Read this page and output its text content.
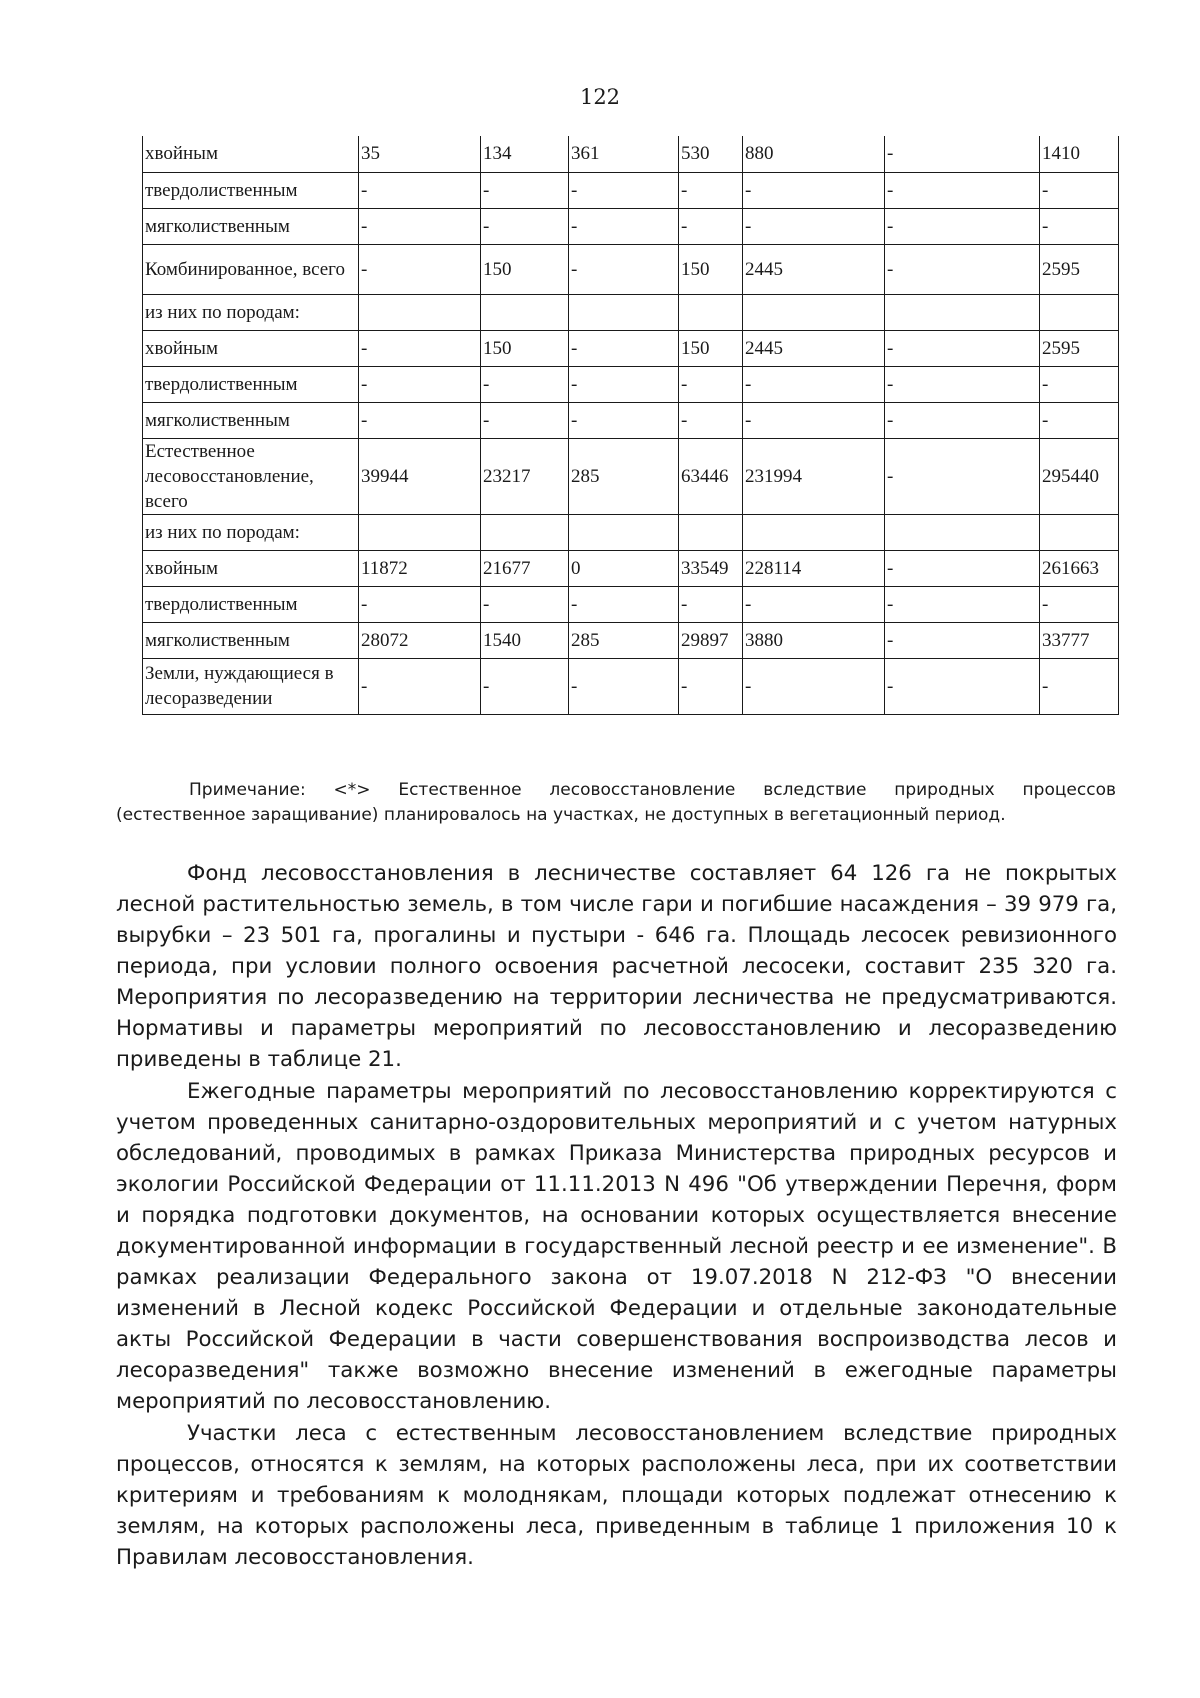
122
хвойным	35	134	361	530	880	-	1410
твердолиственным	-	-	-	-	-	-	-
мягколиственным	-	-	-	-	-	-	-
Комбинированное, всего	-	150	-	150	2445	-	2595
из них по породам:							
хвойным	-	150	-	150	2445	-	2595
твердолиственным	-	-	-	-	-	-	-
мягколиственным	-	-	-	-	-	-	-
Естественное лесовосстановление, всего	39944	23217	285	63446	231994	-	295440
из них по породам:							
хвойным	11872	21677	0	33549	228114	-	261663
твердолиственным	-	-	-	-	-	-	-
мягколиственным	28072	1540	285	29897	3880	-	33777
Земли, нуждающиеся в лесоразведении	-	-	-	-	-	-	-
Примечание: <*> Естественное лесовосстановление вследствие природных процессов (естественное заращивание) планировалось на участках, не доступных в вегетационный период.

Фонд лесовосстановления в лесничестве составляет 64 126 га не покрытых лесной растительностью земель, в том числе гари и погибшие насаждения – 39 979 га, вырубки – 23 501 га, прогалины и пустыри - 646 га. Площадь лесосек ревизионного периода, при условии полного освоения расчетной лесосеки, составит 235 320 га. Мероприятия по лесоразведению на территории лесничества не предусматриваются. Нормативы и параметры мероприятий по лесовосстановлению и лесоразведению приведены в таблице 21.

Ежегодные параметры мероприятий по лесовосстановлению корректируются с учетом проведенных санитарно-оздоровительных мероприятий и с учетом натурных обследований, проводимых в рамках Приказа Министерства природных ресурсов и экологии Российской Федерации от 11.11.2013 N 496 "Об утверждении Перечня, форм и порядка подготовки документов, на основании которых осуществляется внесение документированной информации в государственный лесной реестр и ее изменение". В рамках реализации Федерального закона от 19.07.2018 N 212-ФЗ "О внесении изменений в Лесной кодекс Российской Федерации и отдельные законодательные акты Российской Федерации в части совершенствования воспроизводства лесов и лесоразведения" также возможно внесение изменений в ежегодные параметры мероприятий по лесовосстановлению.

Участки леса с естественным лесовосстановлением вследствие природных процессов, относятся к землям, на которых расположены леса, при их соответствии критериям и требованиям к молоднякам, площади которых подлежат отнесению к землям, на которых расположены леса, приведенным в таблице 1 приложения 10 к Правилам лесовосстановления.
